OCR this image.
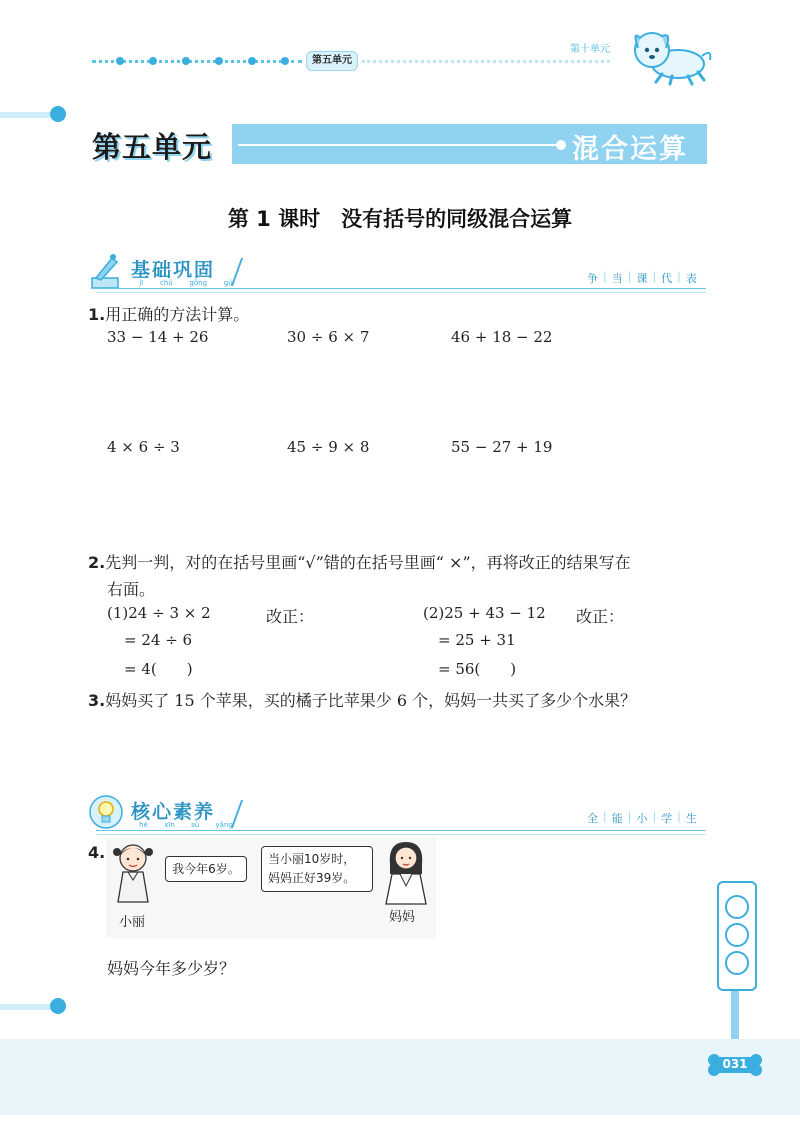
第五单元
第十单元
第五单元	混合运算
第 1 课时　没有括号的同级混合运算
基础巩固
jī chǔ gǒng gù	争 | 当 | 课 | 代 | 表
1.用正确的方法计算。
33 − 14 + 26	30 ÷ 6 × 7	46 + 18 − 22
4 × 6 ÷ 3	45 ÷ 9 × 8	55 − 27 + 19
2.先判一判，对的在括号里画“√”错的在括号里画“ ×”，再将改正的结果写在
右面。
(1)24 ÷ 3 × 2	改正：
= 24 ÷ 6
= 4(　　)
(2)25 + 43 − 12 改正：
= 25 + 31
= 56(　　)
3.妈妈买了 15 个苹果，买的橘子比苹果少 6 个，妈妈一共买了多少个水果？
核心素养
hé xīn sù yǎng	全 | 能 | 小 | 学 | 生
4.
我今年6岁。
小丽
当小丽10岁时，
妈妈正好39岁。
妈妈
妈妈今年多少岁？
031
